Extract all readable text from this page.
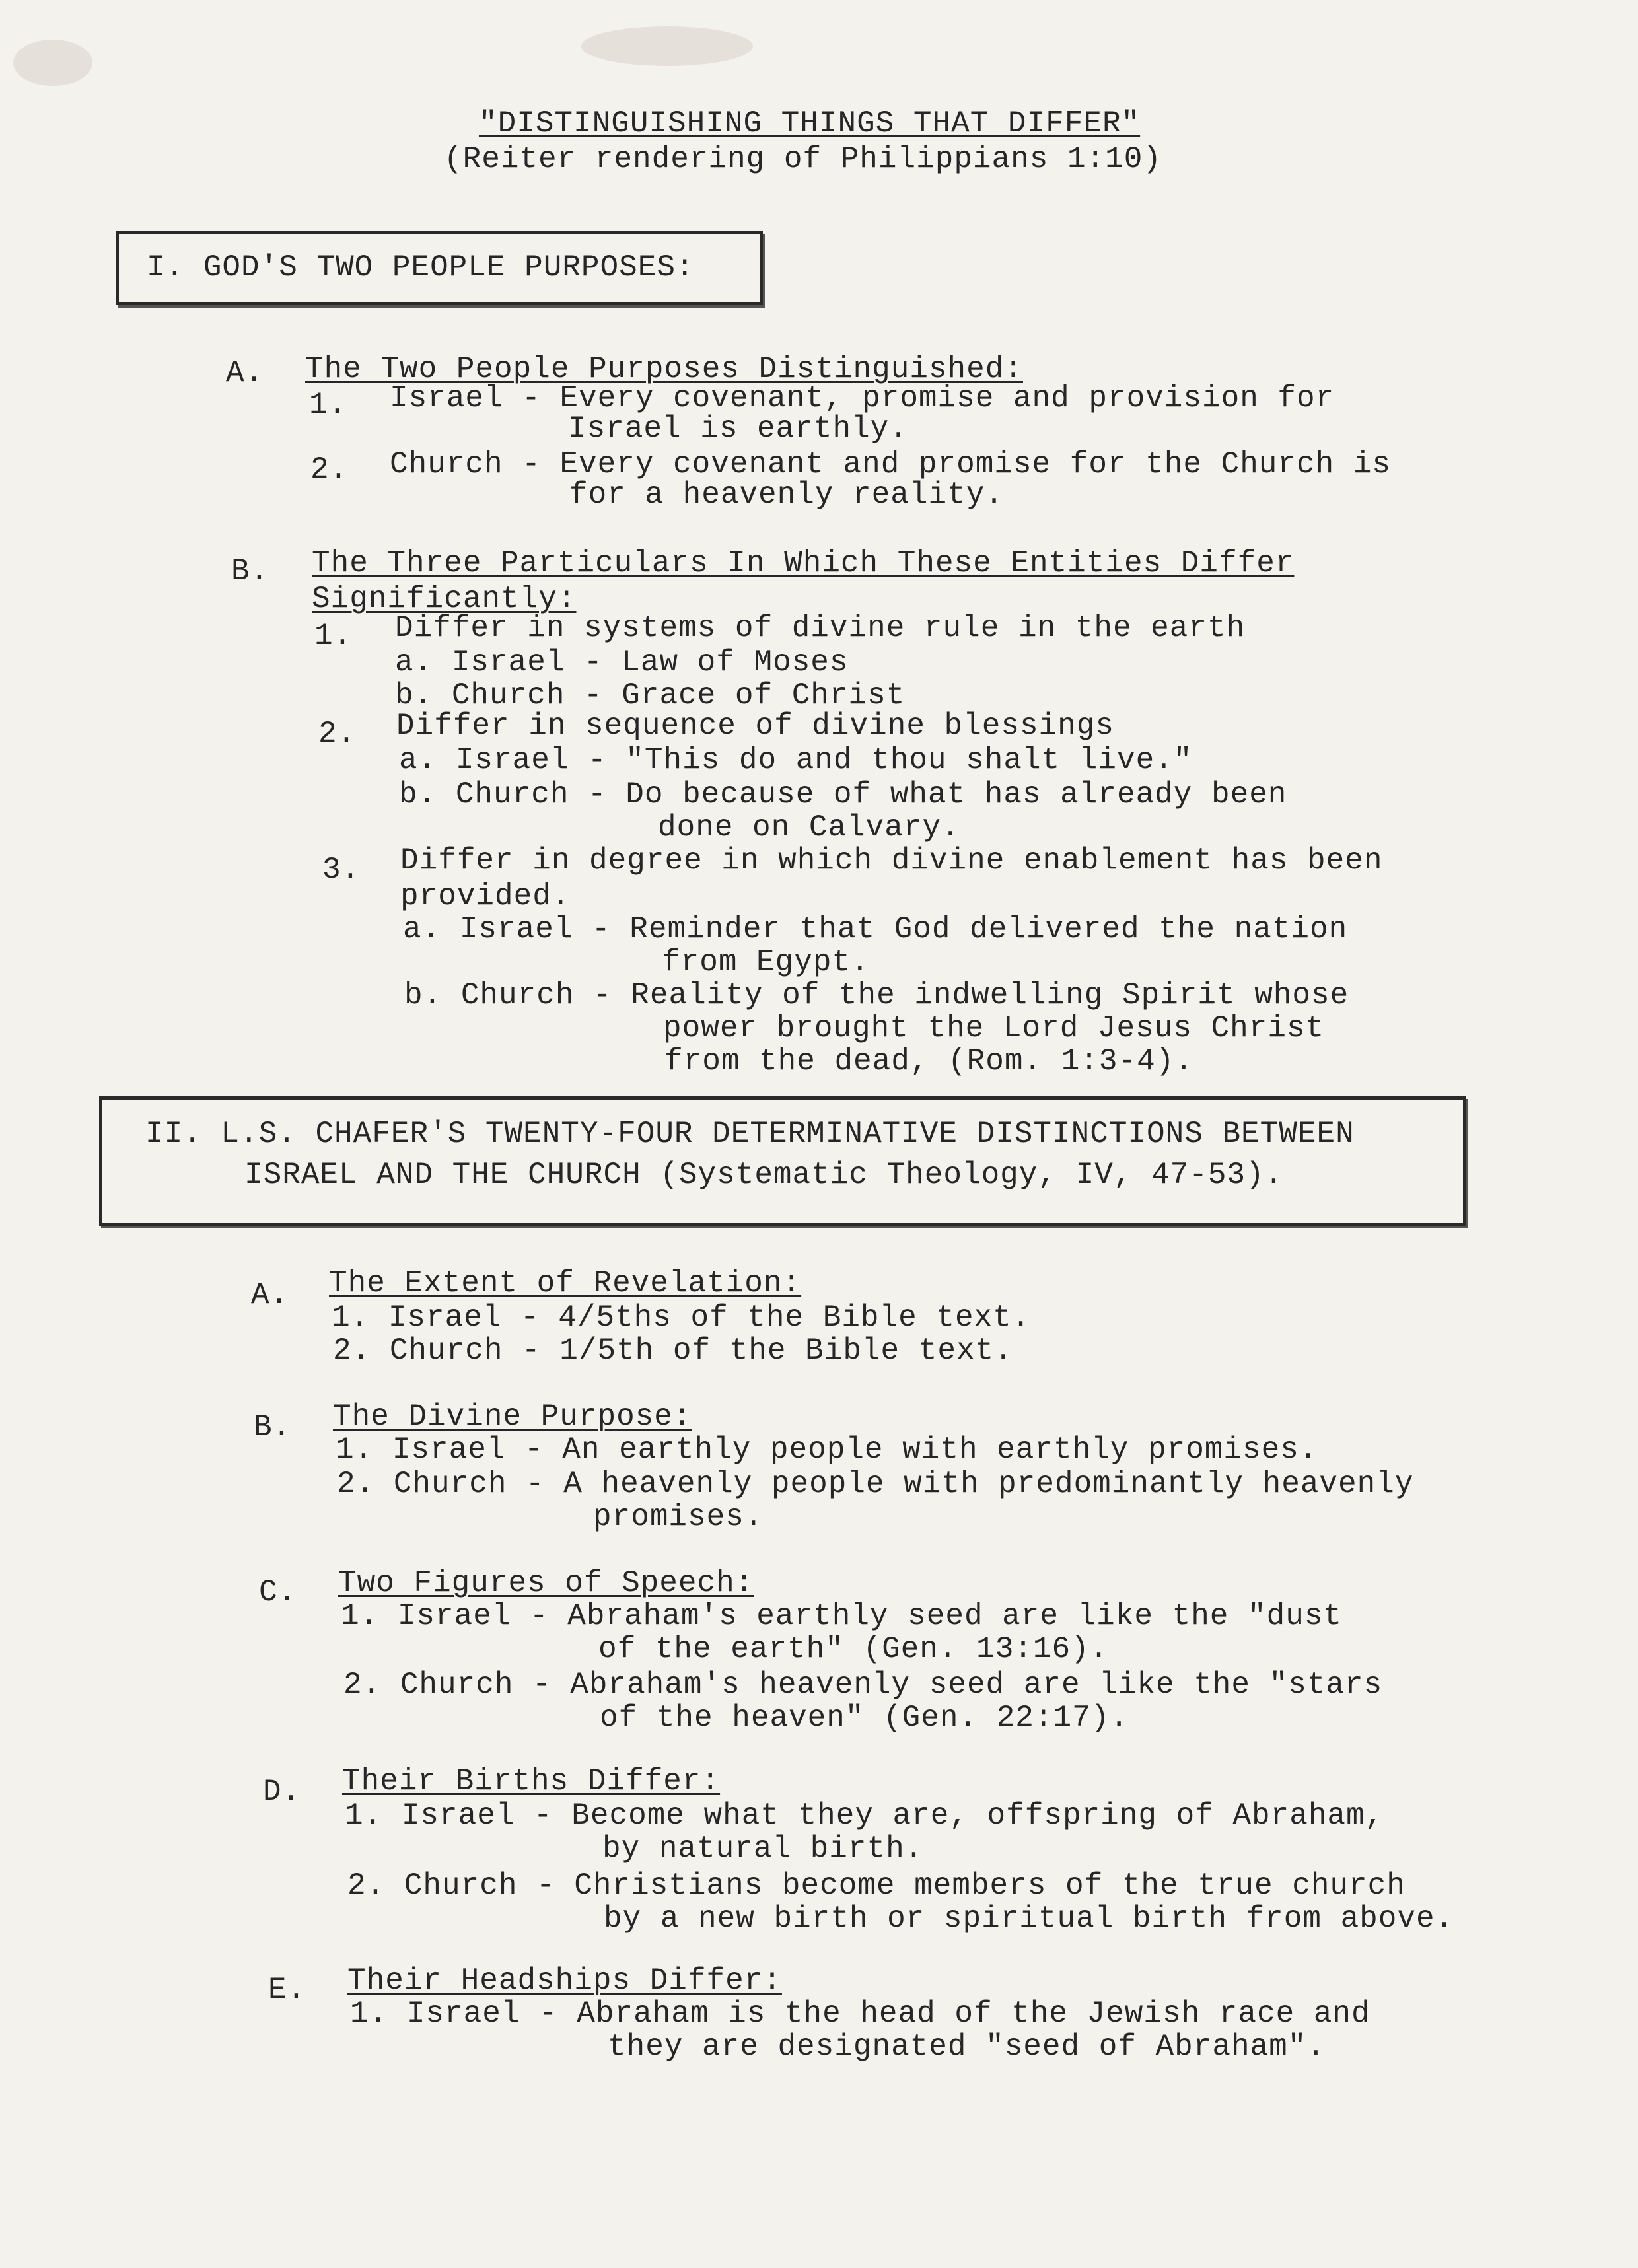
"DISTINGUISHING THINGS THAT DIFFER"
(Reiter rendering of Philippians 1:10)
I. GOD'S TWO PEOPLE PURPOSES:
A. The Two People Purposes Distinguished:
1. Israel - Every covenant, promise and provision for
Israel is earthly.
2. Church - Every covenant and promise for the Church is
for a heavenly reality.
B. The Three Particulars In Which These Entities Differ
Significantly:
1. Differ in systems of divine rule in the earth
a. Israel - Law of Moses
b. Church - Grace of Christ
2. Differ in sequence of divine blessings
a. Israel - "This do and thou shalt live."
b. Church - Do because of what has already been
done on Calvary.
3. Differ in degree in which divine enablement has been
provided.
a. Israel - Reminder that God delivered the nation
from Egypt.
b. Church - Reality of the indwelling Spirit whose
power brought the Lord Jesus Christ
from the dead, (Rom. 1:3-4).
II. L.S. CHAFER'S TWENTY-FOUR DETERMINATIVE DISTINCTIONS BETWEEN
ISRAEL AND THE CHURCH (Systematic Theology, IV, 47-53).
A. The Extent of Revelation:
1. Israel - 4/5ths of the Bible text.
2. Church - 1/5th of the Bible text.
B. The Divine Purpose:
1. Israel - An earthly people with earthly promises.
2. Church - A heavenly people with predominantly heavenly
promises.
C. Two Figures of Speech:
1. Israel - Abraham's earthly seed are like the "dust
of the earth" (Gen. 13:16).
2. Church - Abraham's heavenly seed are like the "stars
of the heaven" (Gen. 22:17).
D. Their Births Differ:
1. Israel - Become what they are, offspring of Abraham,
by natural birth.
2. Church - Christians become members of the true church
by a new birth or spiritual birth from above.
E. Their Headships Differ:
1. Israel - Abraham is the head of the Jewish race and
they are designated "seed of Abraham".
